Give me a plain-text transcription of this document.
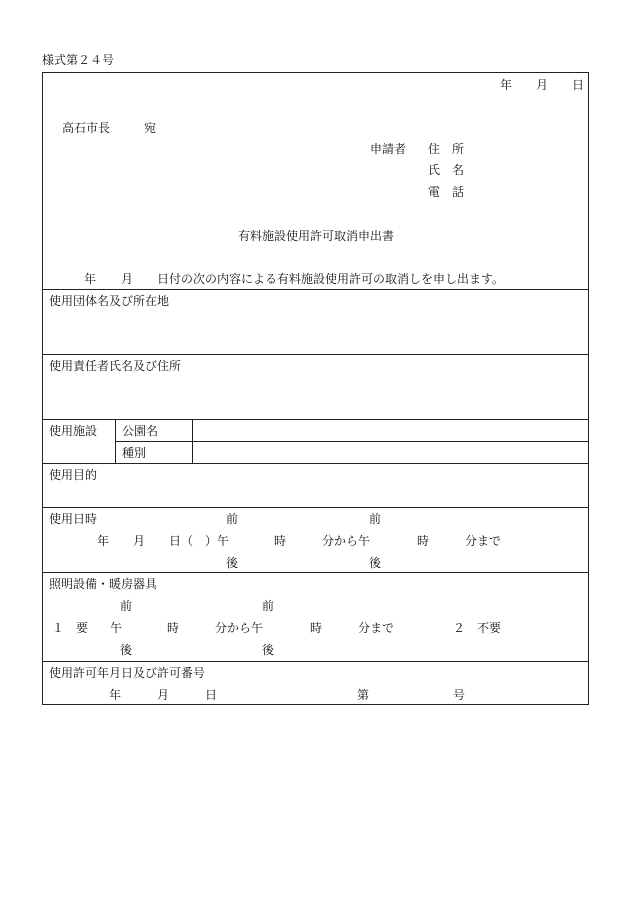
様式第２４号
年 月 日
高石市長	宛
申請者 住　所
氏　名
電　話
有料施設使用許可取消申出書
年 月 日付の次の内容による有料施設使用許可の取消しを申し出ます。
使用団体名及び所在地
使用責任者氏名及び住所
使用施設 公園名
種別
使用目的
使用日時	前	前
年 月 日（　）午	時	分から午	時	分まで
後	後
照明設備・暖房器具
前	前
１　要 午	時	分から午	時	分まで	２　不要
後	後
使用許可年月日及び許可番号
年	月	日	第	号
